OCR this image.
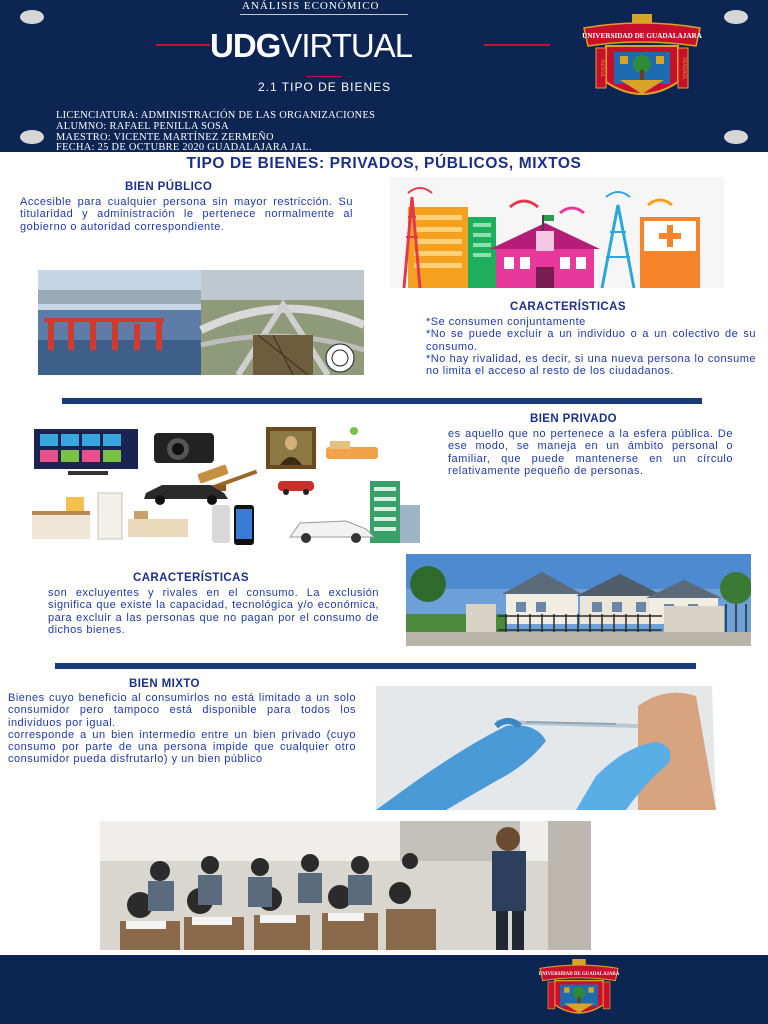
ANÁLISIS ECONÓMICO
UDGVIRTUAL
2.1 TIPO DE BIENES
LICENCIATURA: ADMINISTRACIÓN DE LAS ORGANIZACIONES
ALUMNO: RAFAEL PENILLA SOSA
MAESTRO: VICENTE MARTÍNEZ ZERMEÑO
FECHA: 25 DE OCTUBRE 2020 GUADALAJARA JAL.
UNIVERSIDAD DE GUADALAJARA
PIENSA	TRABAJA
TIPO DE BIENES: PRIVADOS, PÚBLICOS, MIXTOS
BIEN PÚBLICO

Accesible para cualquier persona sin mayor restricción. Su titularidad y administración le pertenece normalmente al gobierno o autoridad correspondiente.

CARACTERÍSTICAS

*Se consumen conjuntamente

*No se puede excluir a un individuo o a un colectivo de su consumo.

*No hay rivalidad, es decir, si una nueva persona lo consume no limita el acceso al resto de los ciudadanos.

BIEN PRIVADO

es aquello que no pertenece a la esfera pública. De ese modo, se maneja en un ámbito personal o familiar, que puede mantenerse en un círculo relativamente pequeño de personas.

CARACTERÍSTICAS

son excluyentes y rivales en el consumo. La exclusión significa que existe la capacidad, tecnológica y/o económica, para excluir a las personas que no pagan por el consumo de dichos bienes.

BIEN MIXTO

Bienes cuyo beneficio al consumirlos no está limitado a un solo consumidor pero tampoco está disponible para todos los individuos por igual.

corresponde a un bien intermedio entre un bien privado (cuyo consumo por parte de una persona impide que cualquier otro consumidor pueda disfrutarlo) y un bien público

UNIVERSIDAD DE GUADALAJARA
